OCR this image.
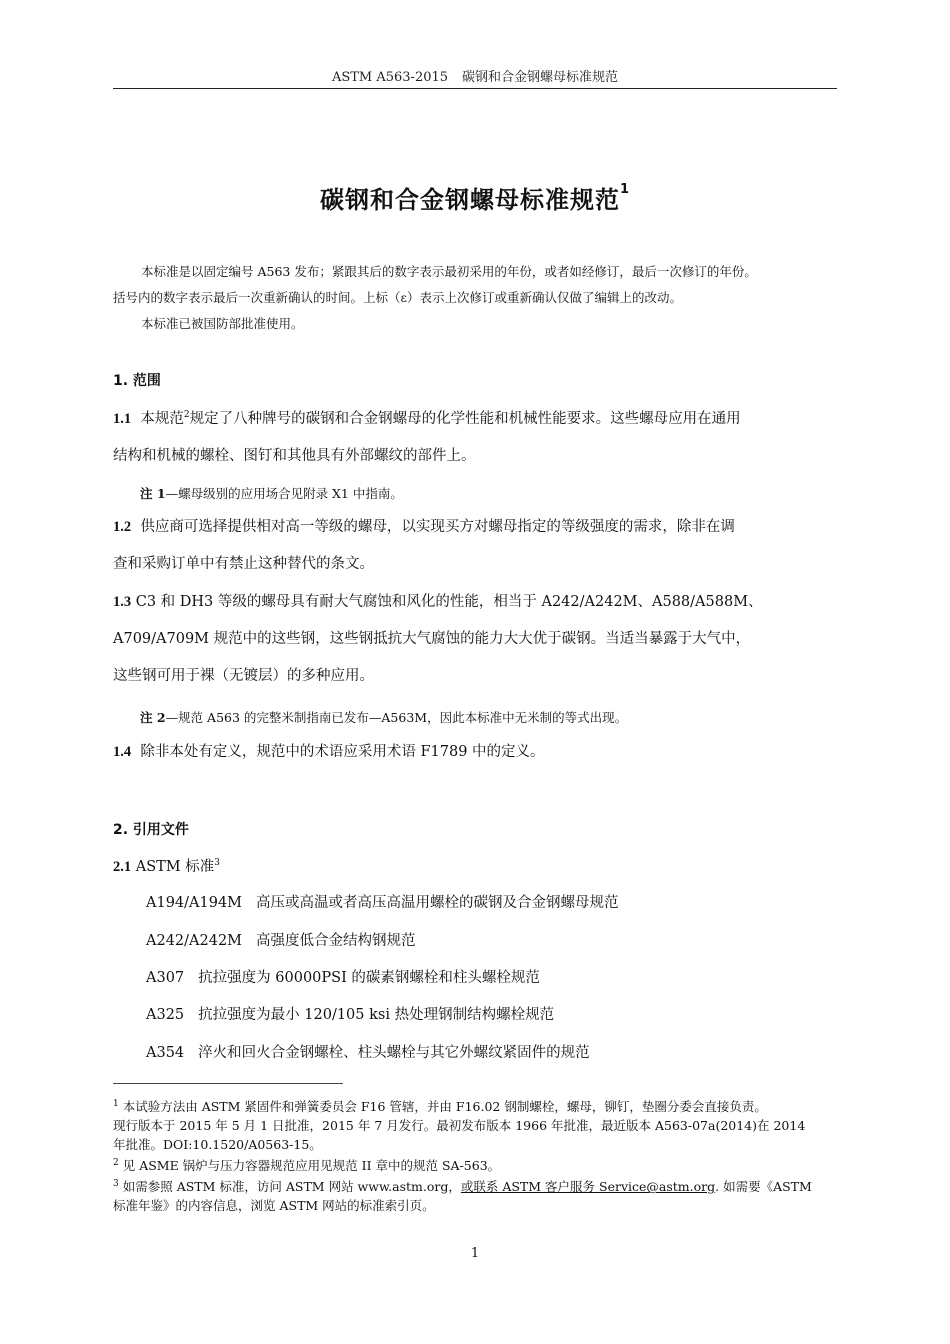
ASTM A563-2015 碳钢和合金钢螺母标准规范
碳钢和合金钢螺母标准规范$^1$

本标准是以固定编号 A563 发布；紧跟其后的数字表示最初采用的年份，或者如经修订，最后一次修订的年份。

括号内的数字表示最后一次重新确认的时间。上标（ε）表示上次修订或重新确认仅做了编辑上的改动。

本标准已被国防部批准使用。

1. 范围
1.1 本规范$^2$规定了八种牌号的碳钢和合金钢螺母的化学性能和机械性能要求。这些螺母应用在通用
结构和机械的螺栓、图钉和其他具有外部螺纹的部件上。
注 1—螺母级别的应用场合见附录 X1 中指南。
1.2 供应商可选择提供相对高一等级的螺母，以实现买方对螺母指定的等级强度的需求，除非在调
查和采购订单中有禁止这种替代的条文。
1.3 C3 和 DH3 等级的螺母具有耐大气腐蚀和风化的性能，相当于 A242/A242M、A588/A588M、
A709/A709M 规范中的这些钢，这些钢抵抗大气腐蚀的能力大大优于碳钢。当适当暴露于大气中，
这些钢可用于裸（无镀层）的多种应用。
注 2—规范 A563 的完整米制指南已发布—A563M，因此本标准中无米制的等式出现。
1.4 除非本处有定义，规范中的术语应采用术语 F1789 中的定义。
2. 引用文件
2.1 ASTM 标准$^3$
A194/A194M 高压或高温或者高压高温用螺栓的碳钢及合金钢螺母规范
A242/A242M 高强度低合金结构钢规范
A307 抗拉强度为 60000PSI 的碳素钢螺栓和柱头螺栓规范
A325 抗拉强度为最小 120/105 ksi 热处理钢制结构螺栓规范
A354 淬火和回火合金钢螺栓、柱头螺栓与其它外螺纹紧固件的规范

$^1$ 本试验方法由 ASTM 紧固件和弹簧委员会 F16 管辖，并由 F16.02 钢制螺栓，螺母，铆钉，垫圈分委会直接负责。

现行版本于 2015 年 5 月 1 日批准，2015 年 7 月发行。最初发布版本 1966 年批准，最近版本 A563-07a(2014)在 2014

年批准。DOI:10.1520/A0563-15。

$^2$ 见 ASME 锅炉与压力容器规范应用见规范 II 章中的规范 SA-563。

$^3$ 如需参照 ASTM 标准，访问 ASTM 网站 www.astm.org，或联系 ASTM 客户服务 Service@astm.org. 如需要《ASTM

标准年鉴》的内容信息，浏览 ASTM 网站的标准索引页。

1
